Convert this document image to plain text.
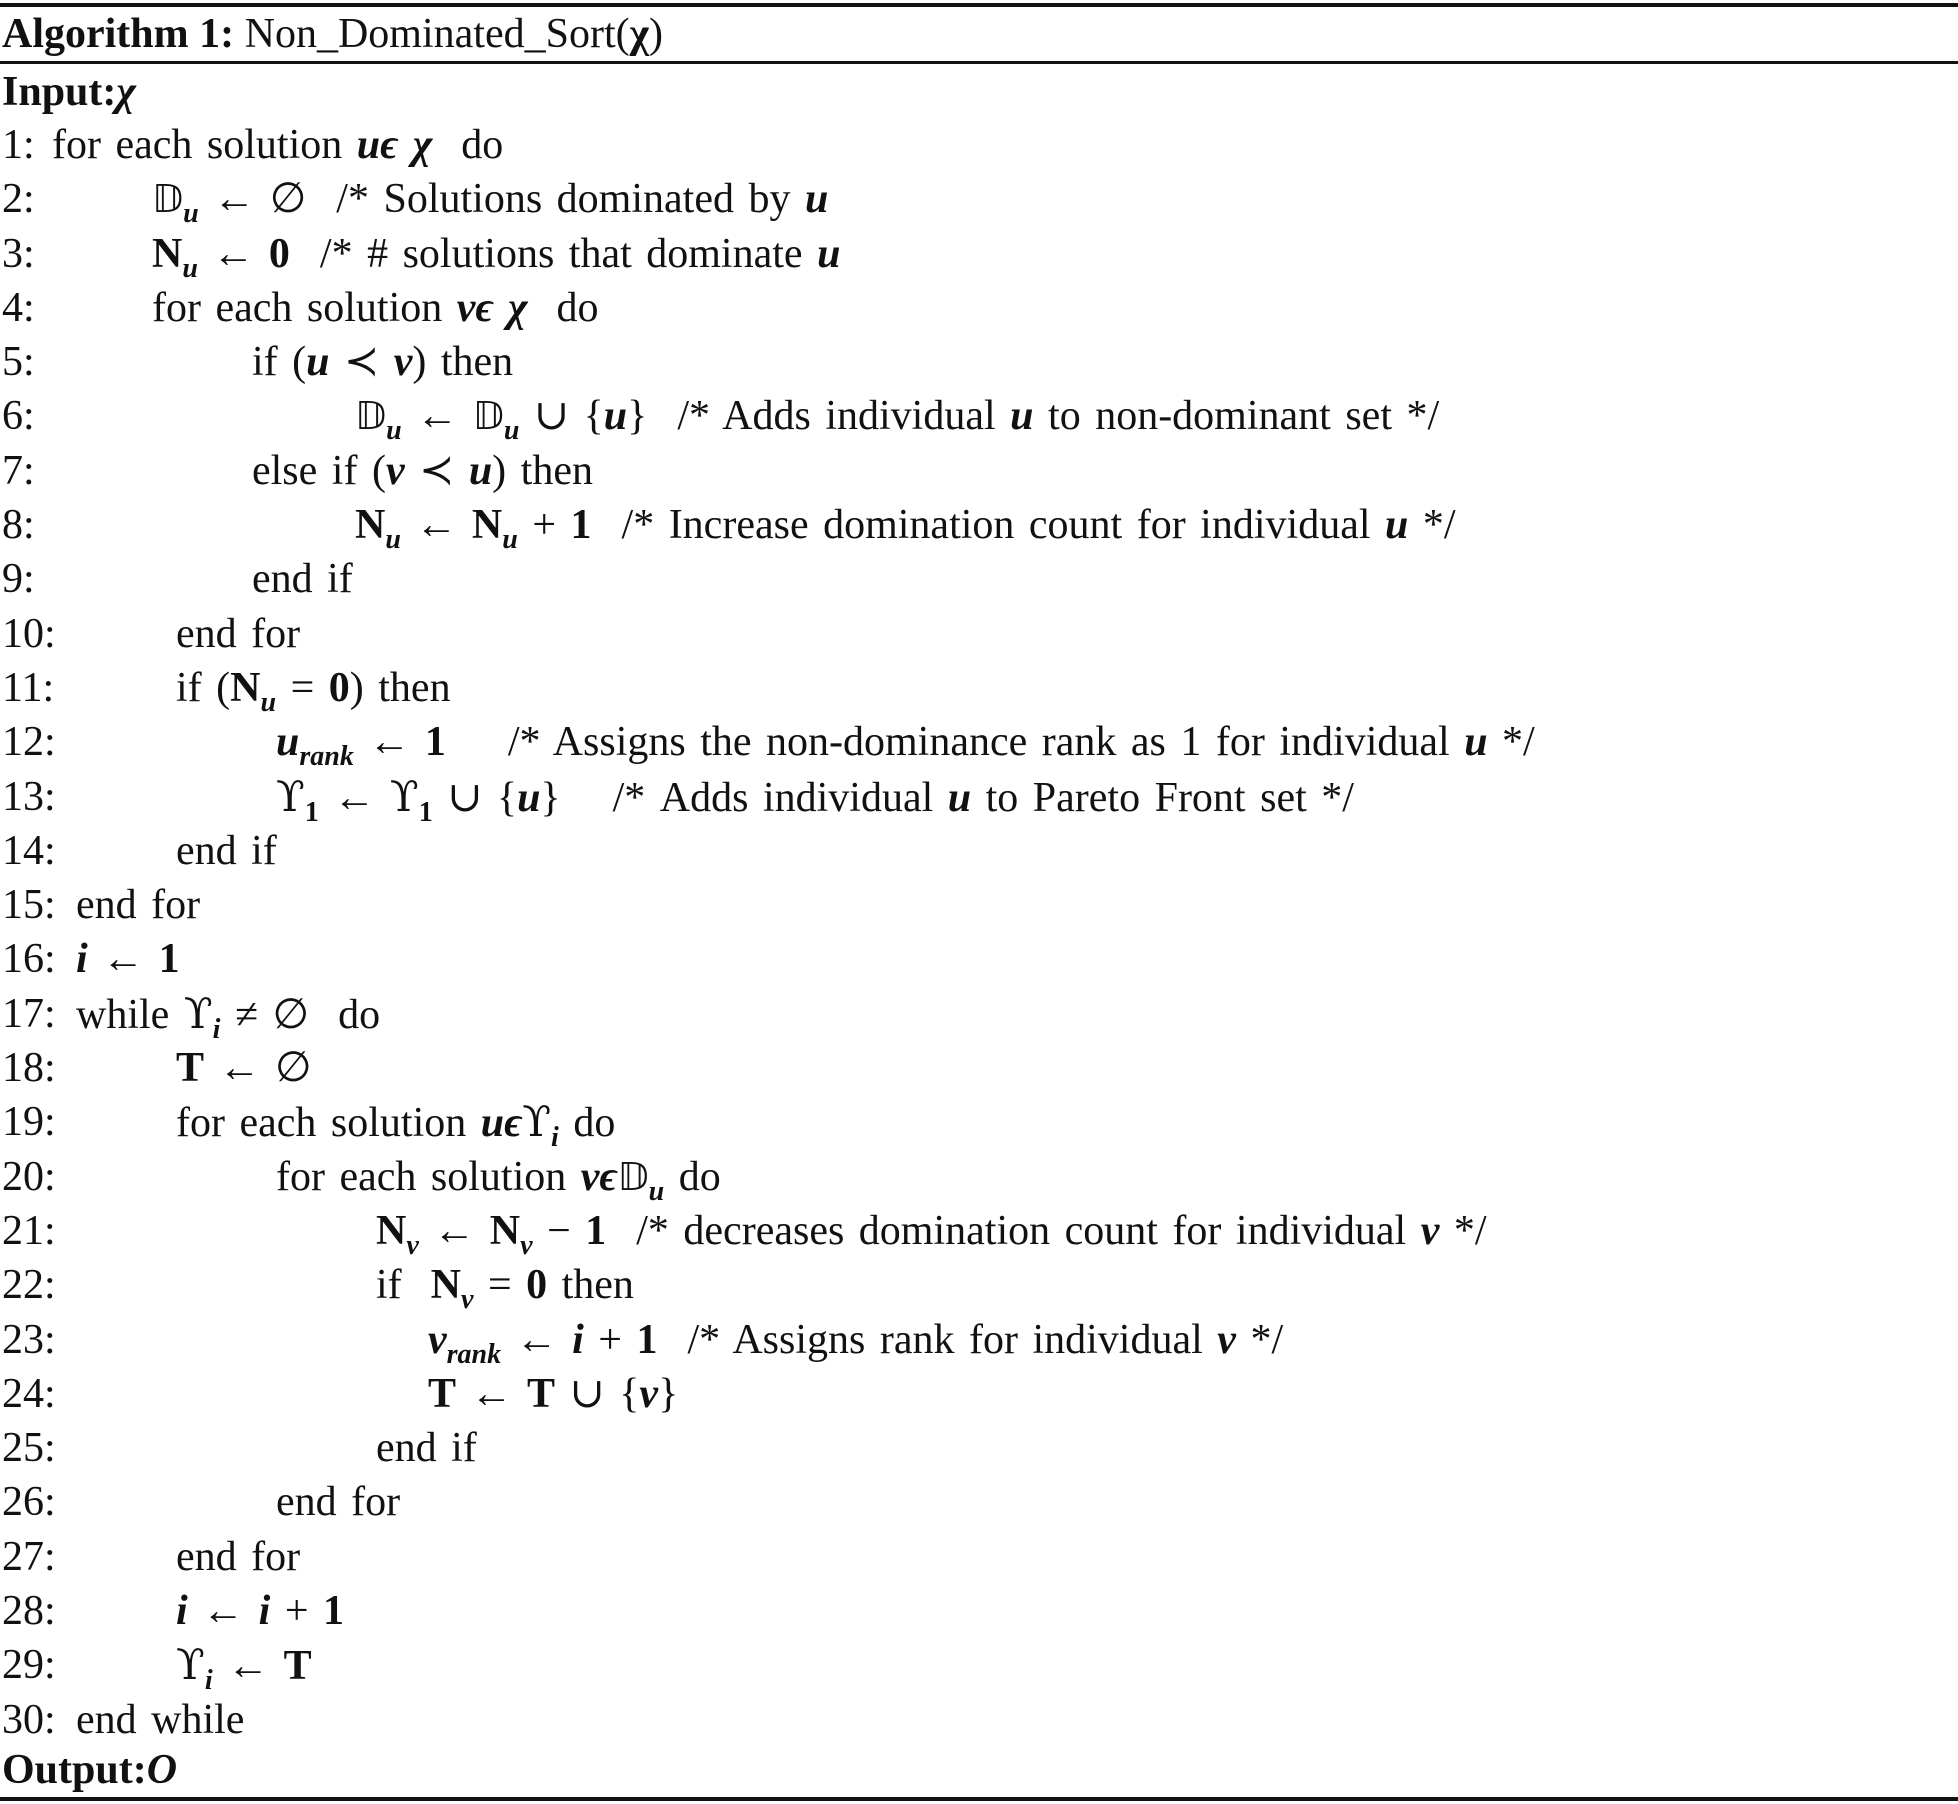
Algorithm 1: Non_Dominated_Sort(χ)
Input:χ
1: for each solution uϵ χ do
2:	𝔻$_u$ ← ∅ /* Solutions dominated by u
3:	$N_u$ ← 0 /* # solutions that dominate u
4:	for each solution vϵ χ do
5:	if (u ≺ v) then
6:	𝔻$_u$ ← 𝔻$_u$ ∪ {u} /* Adds individual u to non-dominant set */
7:	else if (v ≺ u) then
8:	$N_u$ ← $N_u + 1$ /* Increase domination count for individual u */
9:	end if
10:	end for
11:	if $(N_u = 0)$ then
12:	$u_{rank}$ ← 1 /* Assigns the non-dominance rank as 1 for individual u */
13:	$ϒ_1$ ← $ϒ_1$ ∪ {u} /* Adds individual u to Pareto Front set */
14:	end if
15: end for
16: i ← 1
17: while $ϒ_i$ ≠ ∅ do
18:	T ← ∅
19:	for each solution uϵϒ$_i$ do
20:	for each solution vϵ𝔻$_u$ do
21:	$N_v$ ← $N_v - 1$ /* decreases domination count for individual v */
22:	if $N_v = 0$ then
23:	$v_{rank}$ ← i + 1 /* Assigns rank for individual v */
24:	T ← T ∪ {v}
25:	end if
26:	end for
27:	end for
28:	i ← i + 1
29:	$ϒ_i$ ← T
30: end while
Output:O
